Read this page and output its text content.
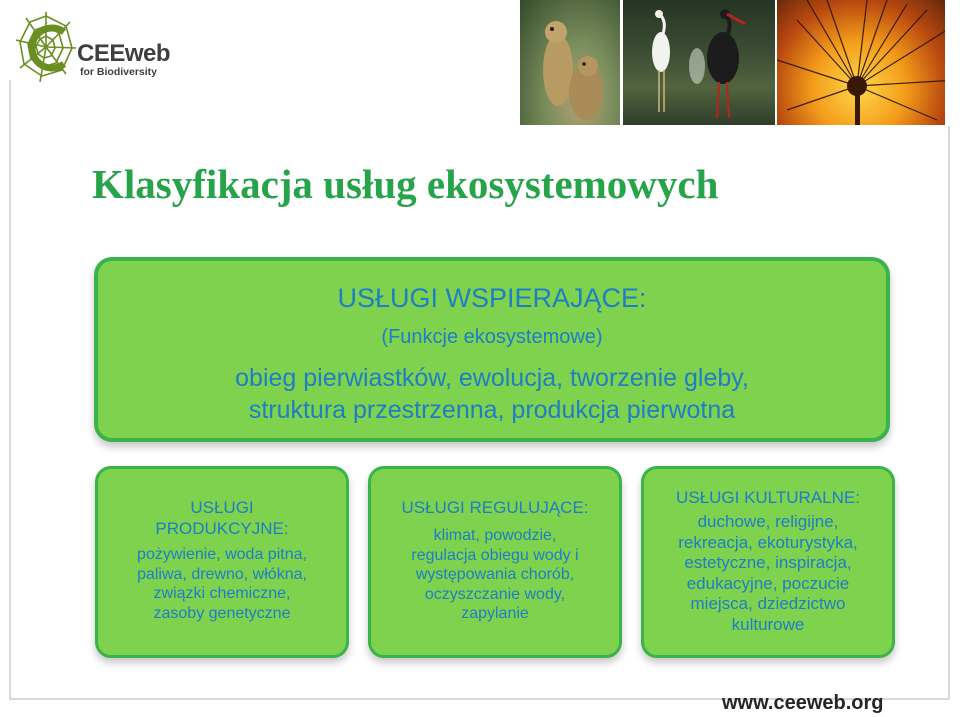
CEEweb
for Biodiversity
Klasyfikacja usług ekosystemowych
USŁUGI WSPIERAJĄCE:
(Funkcje ekosystemowe)
obieg pierwiastków, ewolucja, tworzenie gleby,
struktura przestrzenna, produkcja pierwotna
USŁUGI
PRODUKCYJNE:
pożywienie, woda pitna,
paliwa, drewno, włókna,
związki chemiczne,
zasoby genetyczne
USŁUGI REGULUJĄCE:
klimat, powodzie,
regulacja obiegu wody i
występowania chorób,
oczyszczanie wody,
zapylanie
USŁUGI KULTURALNE:
duchowe, religijne,
rekreacja, ekoturystyka,
estetyczne, inspiracja,
edukacyjne, poczucie
miejsca, dziedzictwo
kulturowe
www.ceeweb.org
